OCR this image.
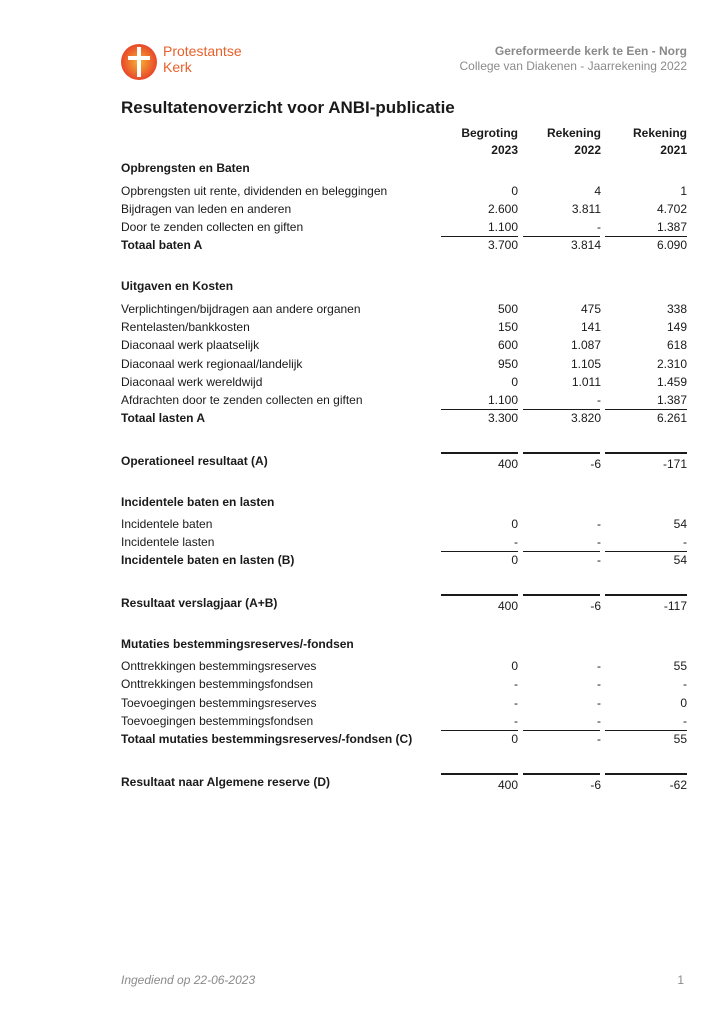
Protestantse
Kerk
Gereformeerde kerk te Een - Norg
College van Diakenen - Jaarrekening 2022
Resultatenoverzicht voor ANBI-publicatie
Begroting
2023
Rekening
2022
Rekening
2021
Opbrengsten en Baten
Opbrengsten uit rente, dividenden en beleggingen	0	4	1
Bijdragen van leden en anderen	2.600	3.811	4.702
Door te zenden collecten en giften	1.100	-	1.387
Totaal baten A	3.700	3.814	6.090
Uitgaven en Kosten
Verplichtingen/bijdragen aan andere organen	500	475	338
Rentelasten/bankkosten	150	141	149
Diaconaal werk plaatselijk	600	1.087	618
Diaconaal werk regionaal/landelijk	950	1.105	2.310
Diaconaal werk wereldwijd	0	1.011	1.459
Afdrachten door te zenden collecten en giften	1.100	-	1.387
Totaal lasten A	3.300	3.820	6.261
Operationeel resultaat (A)	400	-6	-171
Incidentele baten en lasten
Incidentele baten	0	-	54
Incidentele lasten	-	-	-
Incidentele baten en lasten (B)	0	-	54
Resultaat verslagjaar (A+B)	400	-6	-117
Mutaties bestemmingsreserves/-fondsen
Onttrekkingen bestemmingsreserves	0	-	55
Onttrekkingen bestemmingsfondsen	-	-	-
Toevoegingen bestemmingsreserves	-	-	0
Toevoegingen bestemmingsfondsen	-	-	-
Totaal mutaties bestemmingsreserves/-fondsen (C)	0	-	55
Resultaat naar Algemene reserve (D)	400	-6	-62
Ingediend op 22-06-2023	1
